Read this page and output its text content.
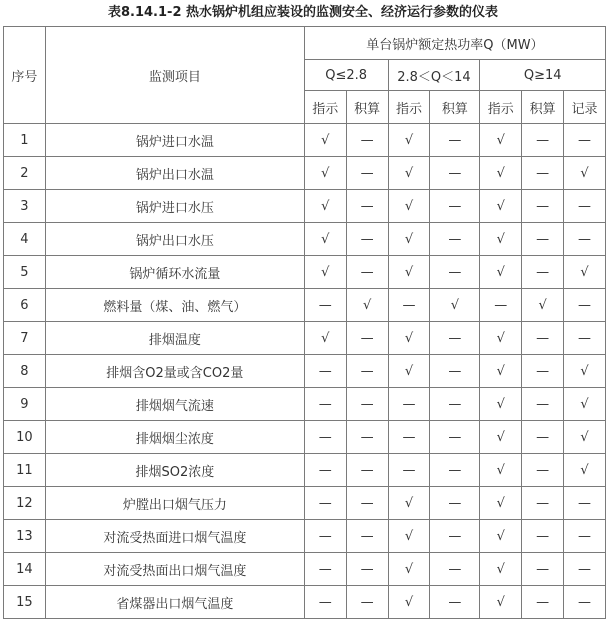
表8.14.1-2 热水锅炉机组应装设的监测安全、经济运行参数的仪表
序号	监测项目	单台锅炉额定热功率Q（MW）						
		Q≤2.8		2.8＜Q＜14		Q≥14		
		指示	积算	指示	积算	指示	积算	记录
1	锅炉进口水温	√	—	√	—	√	—	—
2	锅炉出口水温	√	—	√	—	√	—	√
3	锅炉进口水压	√	—	√	—	√	—	—
4	锅炉出口水压	√	—	√	—	√	—	—
5	锅炉循环水流量	√	—	√	—	√	—	√
6	燃料量（煤、油、燃气）	—	√	—	√	—	√	—
7	排烟温度	√	—	√	—	√	—	—
8	排烟含O2量或含CO2量	—	—	√	—	√	—	√
9	排烟烟气流速	—	—	—	—	√	—	√
10	排烟烟尘浓度	—	—	—	—	√	—	√
11	排烟SO2浓度	—	—	—	—	√	—	√
12	炉膛出口烟气压力	—	—	√	—	√	—	—
13	对流受热面进口烟气温度	—	—	√	—	√	—	—
14	对流受热面出口烟气温度	—	—	√	—	√	—	—
15	省煤器出口烟气温度	—	—	√	—	√	—	—
